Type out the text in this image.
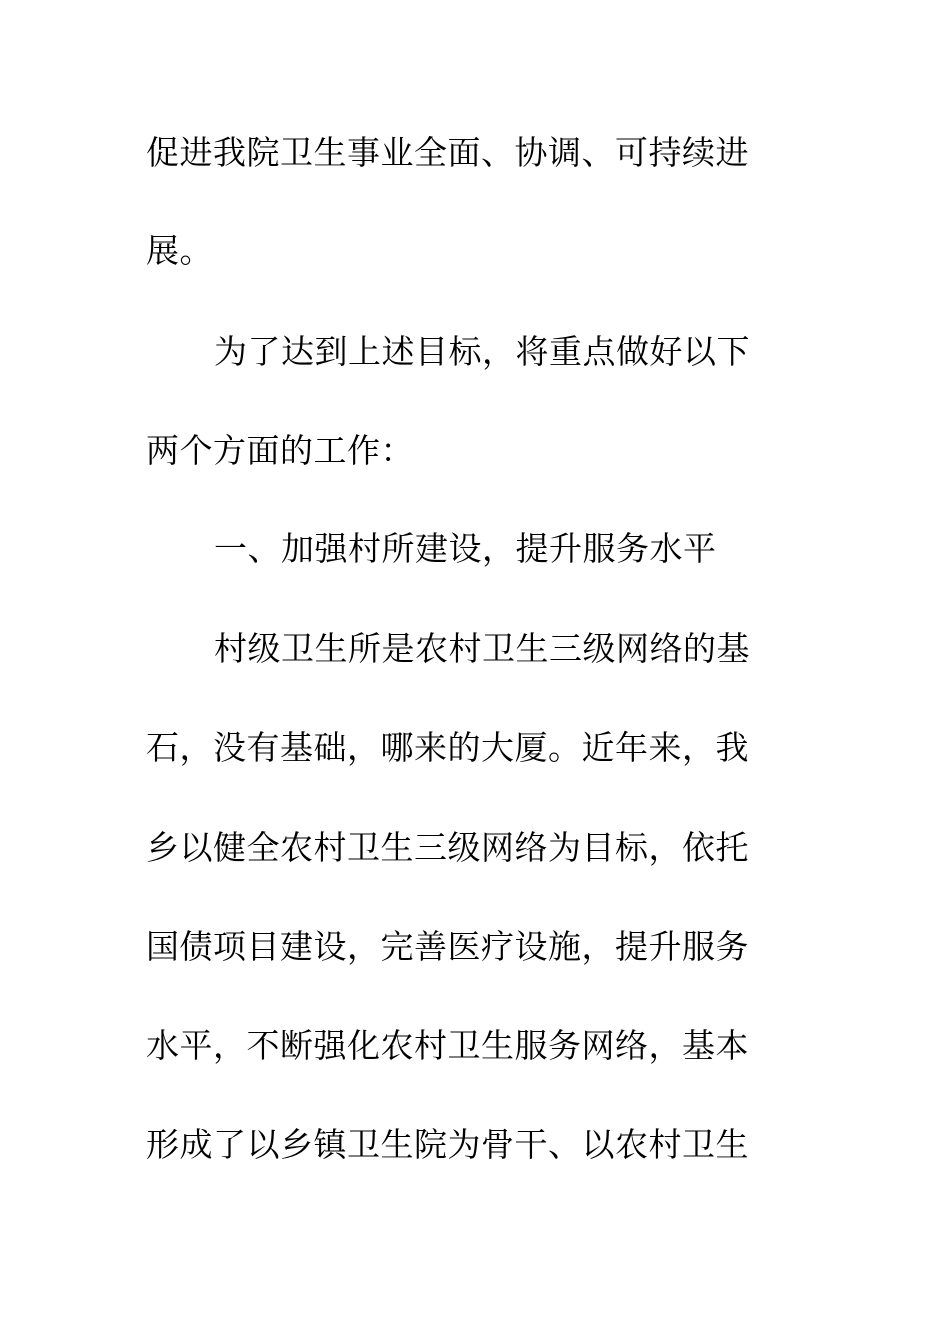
促进我院卫生事业全面、协调、可持续进
展。
为了达到上述目标，将重点做好以下
两个方面的工作：
一、加强村所建设，提升服务水平
村级卫生所是农村卫生三级网络的基
石，没有基础，哪来的大厦。近年来，我
乡以健全农村卫生三级网络为目标，依托
国债项目建设，完善医疗设施，提升服务
水平，不断强化农村卫生服务网络，基本
形成了以乡镇卫生院为骨干、以农村卫生
